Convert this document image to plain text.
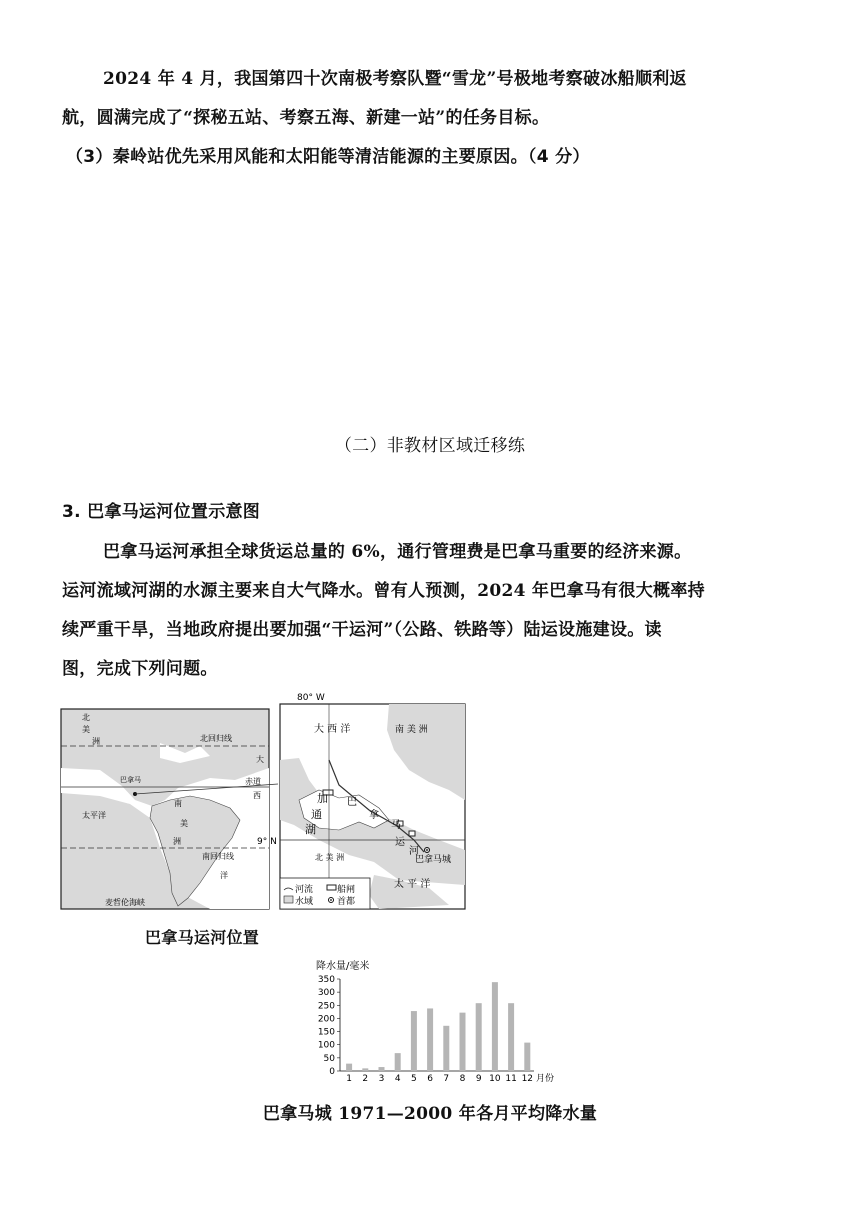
2024 年 4 月，我国第四十次南极考察队暨“雪龙”号极地考察破冰船顺利返
航，圆满完成了“探秘五站、考察五海、新建一站”的任务目标。
（3）秦岭站优先采用风能和太阳能等清洁能源的主要原因。（4 分）
（二）非教材区域迁移练
3. 巴拿马运河位置示意图
巴拿马运河承担全球货运总量的 6%，通行管理费是巴拿马重要的经济来源。
运河流域河湖的水源主要来自大气降水。曾有人预测，2024 年巴拿马有很大概率持
续严重干旱，当地政府提出要加强“干运河”（公路、铁路等）陆运设施建设。读
图，完成下列问题。
北
美
洲	北回归线
大
巴拿马	赤道
西
太平洋
南
美
洲
南回归线
洋
麦哲伦海峡
80° W
9° N
大 西 洋	南 美 洲
北 美 洲
加
通
湖
巴
拿
马
运
河
巴拿马城
太 平 洋
河流	船闸
水域	首都
巴拿马运河位置
降水量/毫米
0
50
100
150
200
250
300
350
1 2 3 4 5 6 7 8 9 10 11 12 月份
巴拿马城 1971—2000 年各月平均降水量
